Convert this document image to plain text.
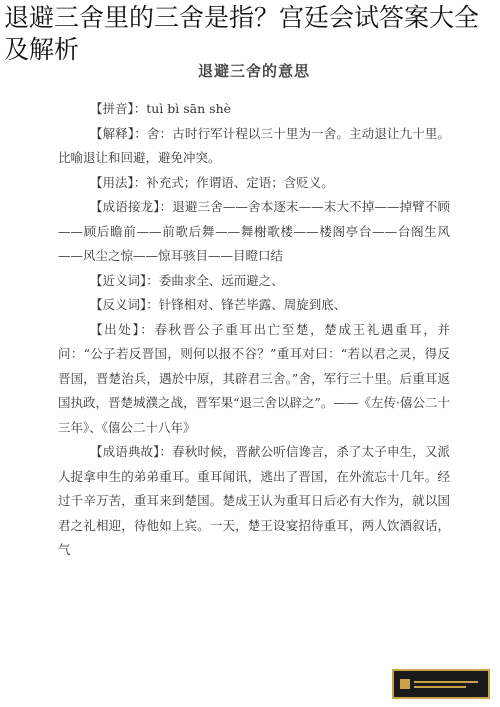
退避三舍里的三舍是指？宫廷会试答案大全及解析
退避三舍的意思

【拼音】：tuì bì sān shè

【解释】：舍：古时行军计程以三十里为一舍。主动退让九十里。比喻退让和回避，避免冲突。

【用法】：补充式；作谓语、定语；含贬义。

【成语接龙】：退避三舍——舍本逐末——末大不掉——掉臂不顾——顾后瞻前——前歌后舞——舞榭歌楼——楼阁亭台——台阁生风——风尘之惊——惊耳骇目——目瞪口结

【近义词】：委曲求全、远而避之、

【反义词】：针锋相对、锋芒毕露、周旋到底、

【出处】：春秋晋公子重耳出亡至楚，楚成王礼遇重耳，并问：“公子若反晋国，则何以报不谷？”重耳对曰：“若以君之灵，得反晋国，晋楚治兵，遇於中原，其辟君三舍。”舍，军行三十里。后重耳返国执政，晋楚城濮之战，晋军果“退三舍以辟之”。——《左传·僖公二十三年》、《僖公二十八年》

【成语典故】：春秋时候，晋献公听信谗言，杀了太子申生，又派人捉拿申生的弟弟重耳。重耳闻讯，逃出了晋国，在外流忘十几年。经过千辛万苦，重耳来到楚国。楚成王认为重耳日后必有大作为，就以国君之礼相迎，待他如上宾。一天，楚王设宴招待重耳，两人饮酒叙话，气
